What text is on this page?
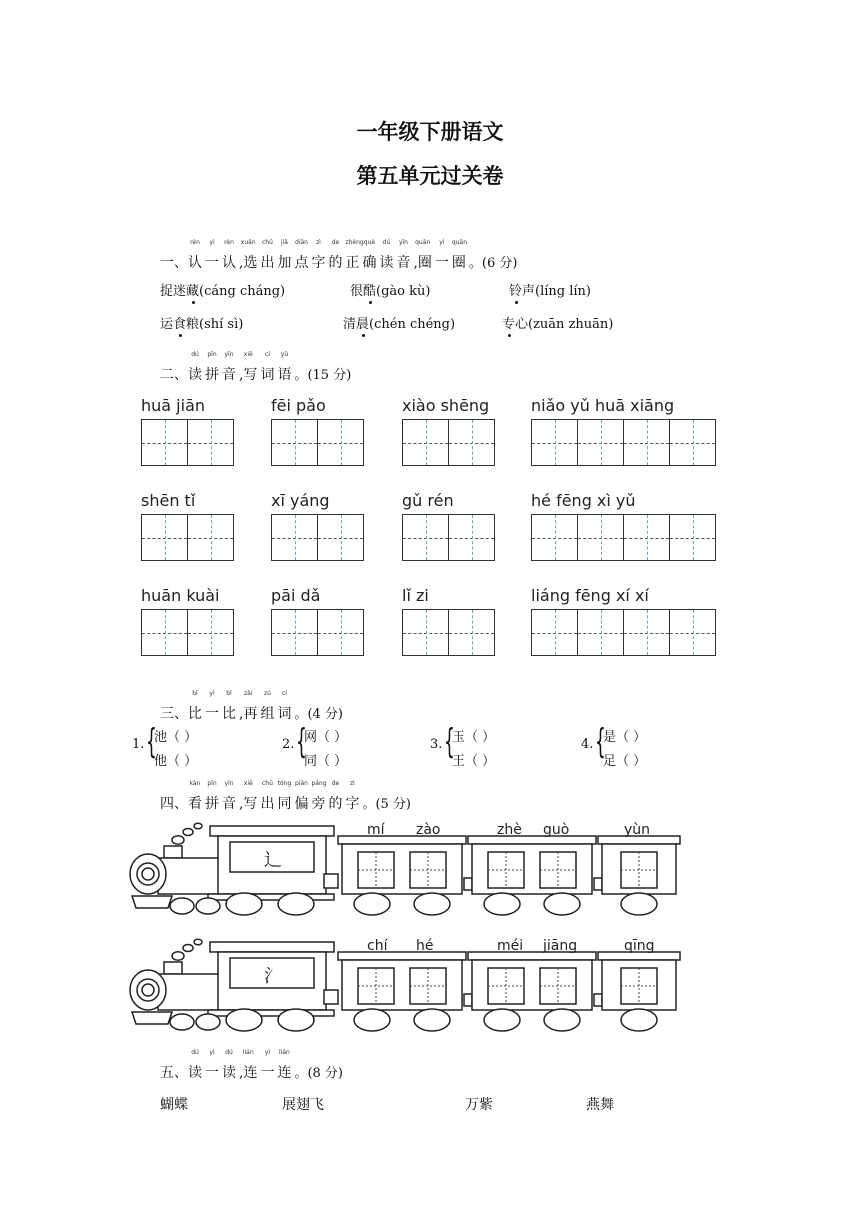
一年级下册语文
第五单元过关卷
一、
rèn
认
yì
一
rèn
认
xuǎn
,选
chū
出
jiā
加
diǎn
点
zì
字
de
的
zhèng
正
què
确
dú
读
yīn
音
quān
,圈
yì
一
quān
圈 。(6 分)
捉迷藏(cáng cháng)	很酷(gào kù)	铃声(líng lín)
运食粮(shí sì)	清晨(chén chéng)	专心(zuān zhuān)
二、
dú
读
pīn
拼
yīn
音
xiě
,写
cí
词
yǔ
语 。(15 分)
huā jiān	fēi pǎo	xiào shēng	niǎo yǔ huā xiāng
shēn tǐ	xī yáng	gǔ rén	hé fēng xì yǔ
huān kuài	pāi dǎ	lǐ zi	liáng fēng xí xí
三、
bǐ
比
yì
一
bǐ
比
zài
,再
zǔ
组
cí
词 。(4 分)
1. {
池（ ）
他（ ）
2. {
网（ ）
同（ ）
3. {
玉（ ）
王（ ）
4. {
是（ ）
足（ ）
四、
kàn
看
pīn
拼
yīn
音
xiě
,写
chū
出
tóng
同
piān
偏
páng
旁
de
的
zì
字 。(5 分)
辶
mí zào	zhè guò	yùn
氵
chí hé	méi jiāng	qīng
五、
dú
读
yì
一
dú
读
lián
,连
yì
一
lián
连 。(8 分)
蝴蝶	展翅飞	万紫	燕舞
